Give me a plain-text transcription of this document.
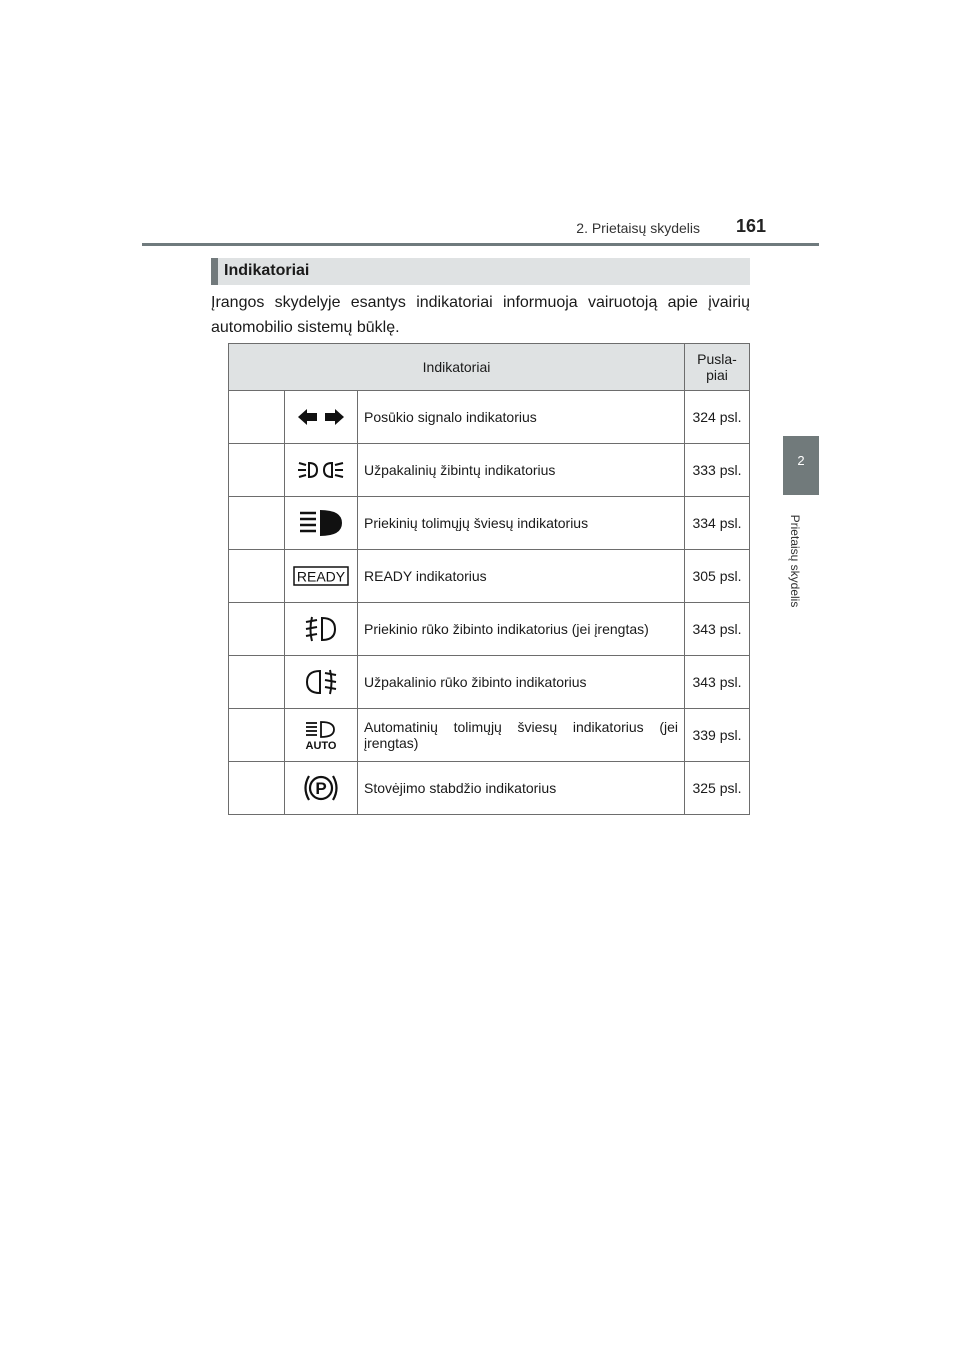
2. Prietaisų skydelis 161
2
Prietaisų skydelis
Indikatoriai
Įrangos skydelyje esantys indikatoriai informuoja vairuotoją apie įvairių automobilio sistemų būklę.
Indikatoriai			Pusla-
piai

	Posūkio signalo indikatorius	324 psl.

	Užpakalinių žibintų indikatorius	333 psl.

	Priekinių tolimųjų šviesų indikatorius	334 psl.

READY	READY indikatorius	305 psl.

	Priekinio rūko žibinto indikatorius (jei įrengtas)	343 psl.

	Užpakalinio rūko žibinto indikatorius	343 psl.

AUTO	Automatinių tolimųjų šviesų indikatorius (jei įrengtas)	339 psl.

P	Stovėjimo stabdžio indikatorius	325 psl.
